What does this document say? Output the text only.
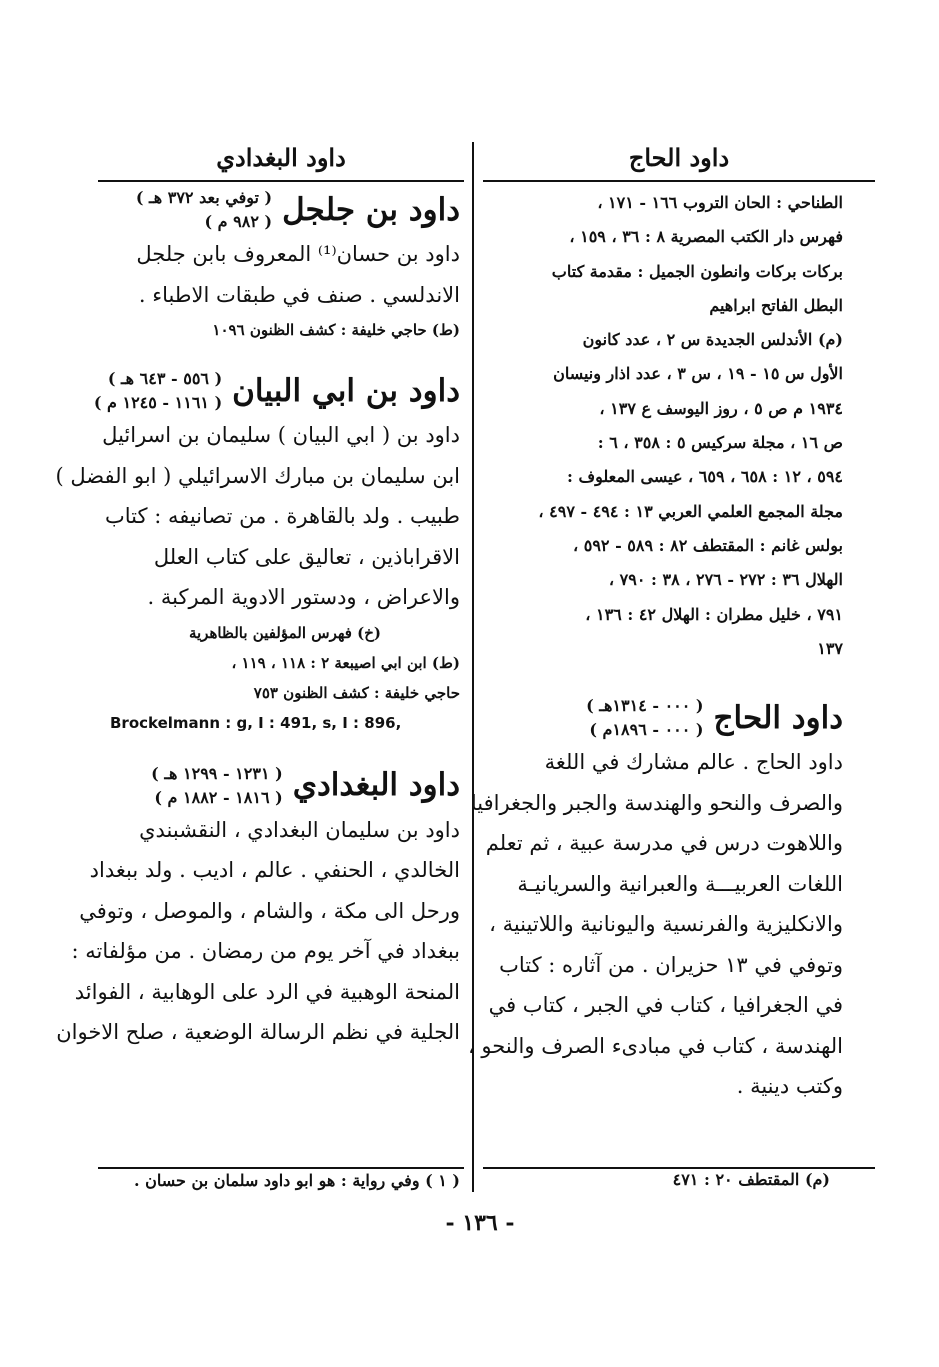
داود الحاج
داود البغدادي
الطناحي : الحان التروب ١٦٦ - ١٧١ ،
فهرس دار الكتب المصرية ٨ : ٣٦ ، ١٥٩ ،
بركات بركات وانطون الجميل : مقدمة كتاب
البطل الفاتح ابراهيم
(م) الأندلس الجديدة س ٢ ، عدد كانون
الأول س ١٥ - ١٩ ، س ٣ ، عدد اذار ونيسان
١٩٣٤ م ص ٥ ، روز اليوسف ع ١٣٧ ،
ص ١٦ ، مجلة سركيس ٥ : ٣٥٨ ، ٦ :
٥٩٤ ، ١٢ : ٦٥٨ ، ٦٥٩ ، عيسى المعلوف :
مجلة المجمع العلمي العربي ١٣ : ٤٩٤ - ٤٩٧ ،
بولس غانم : المقتطف ٨٢ : ٥٨٩ - ٥٩٢ ،
الهلال ٣٦ : ٢٧٢ - ٢٧٦ ، ٣٨ : ٧٩٠ ،
٧٩١ ، خليل مطران : الهلال ٤٢ : ١٣٦ ،
١٣٧
داود الحاج
( ٠٠٠ - ١٣١٤هـ )
( ٠٠٠ - ١٨٩٦م )
داود الحاج . عالم مشارك في اللغة
والصرف والنحو والهندسة والجبر والجغرافيا
واللاهوت درس في مدرسة عبية ، ثم تعلم
اللغات العربيـــة والعبرانية والسريانيـة
والانكليزية والفرنسية واليونانية واللاتينية ،
وتوفي في ١٣ حزيران . من آثاره : كتاب
في الجغرافيا ، كتاب في الجبر ، كتاب في
الهندسة ، كتاب في مبادىء الصرف والنحو ،
وكتب دينية .
داود بن جلجل
( توفي بعد ٣٧٢ هـ )
( ٩٨٢ م )
داود بن حسان⁽¹⁾ المعروف بابن جلجل
الاندلسي . صنف في طبقات الاطباء .
(ط) حاجي خليفة : كشف الظنون ١٠٩٦
داود بن ابي البيان
( ٥٥٦ - ٦٤٣ هـ )
( ١١٦١ - ١٢٤٥ م )
داود بن ( ابي البيان ) سليمان بن اسرائيل
ابن سليمان بن مبارك الاسرائيلي ( ابو الفضل )
طبيب . ولد بالقاهرة . من تصانيفه : كتاب
الاقراباذين ، تعاليق على كتاب العلل
والاعراض ، ودستور الادوية المركبة .
(خ) فهرس المؤلفين بالظاهرية
(ط) ابن ابي اصيبعة ٢ : ١١٨ ، ١١٩ ،
حاجي خليفة : كشف الظنون ٧٥٣
Brockelmann : g, I : 491, s, I : 896,
داود البغدادي
( ١٢٣١ - ١٢٩٩ هـ )
( ١٨١٦ - ١٨٨٢ م )
داود بن سليمان البغدادي ، النقشبندي
الخالدي ، الحنفي . عالم ، اديب . ولد ببغداد
ورحل الى مكة ، والشام ، والموصل ، وتوفي
ببغداد في آخر يوم من رمضان . من مؤلفاته :
المنحة الوهبية في الرد على الوهابية ، الفوائد
الجلية في نظم الرسالة الوضعية ، صلح الاخوان
(م) المقتطف ٢٠ : ٤٧١
( ١ ) وفي رواية : هو ابو داود سلمان بن حسان .
- ١٣٦ -
